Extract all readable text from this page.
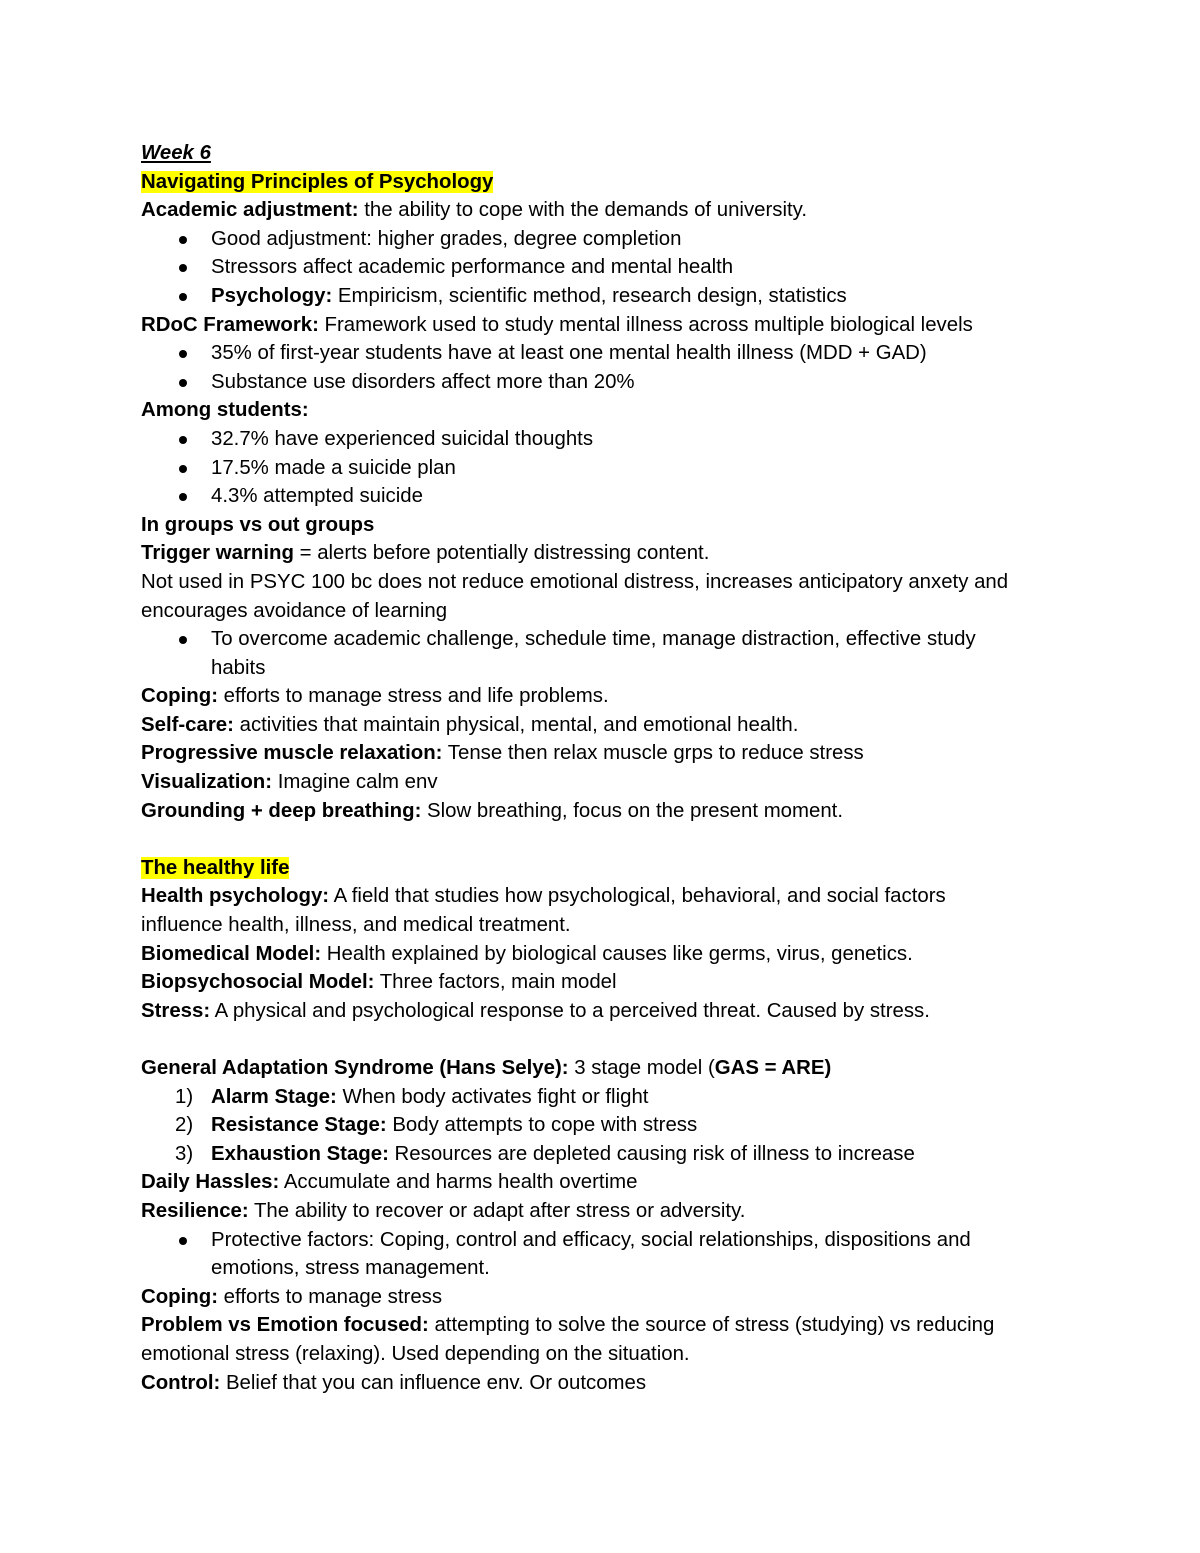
Week 6
Navigating Principles of Psychology
Academic adjustment: the ability to cope with the demands of university.
Good adjustment: higher grades, degree completion
Stressors affect academic performance and mental health
Psychology: Empiricism, scientific method, research design, statistics
RDoC Framework: Framework used to study mental illness across multiple biological levels
35% of first-year students have at least one mental health illness (MDD + GAD)
Substance use disorders affect more than 20%
Among students:
32.7% have experienced suicidal thoughts
17.5% made a suicide plan
4.3% attempted suicide
In groups vs out groups
Trigger warning = alerts before potentially distressing content.
Not used in PSYC 100 bc does not reduce emotional distress, increases anticipatory anxety and
encourages avoidance of learning
To overcome academic challenge, schedule time, manage distraction, effective study
habits
Coping: efforts to manage stress and life problems.
Self-care: activities that maintain physical, mental, and emotional health.
Progressive muscle relaxation: Tense then relax muscle grps to reduce stress
Visualization: Imagine calm env
Grounding + deep breathing: Slow breathing, focus on the present moment.
The healthy life
Health psychology: A field that studies how psychological, behavioral, and social factors
influence health, illness, and medical treatment.
Biomedical Model: Health explained by biological causes like germs, virus, genetics.
Biopsychosocial Model: Three factors, main model
Stress: A physical and psychological response to a perceived threat. Caused by stress.
General Adaptation Syndrome (Hans Selye): 3 stage model (GAS = ARE)
1) Alarm Stage: When body activates fight or flight
2) Resistance Stage: Body attempts to cope with stress
3) Exhaustion Stage: Resources are depleted causing risk of illness to increase
Daily Hassles: Accumulate and harms health overtime
Resilience: The ability to recover or adapt after stress or adversity.
Protective factors: Coping, control and efficacy, social relationships, dispositions and
emotions, stress management.
Coping: efforts to manage stress
Problem vs Emotion focused: attempting to solve the source of stress (studying) vs reducing
emotional stress (relaxing). Used depending on the situation.
Control: Belief that you can influence env. Or outcomes
